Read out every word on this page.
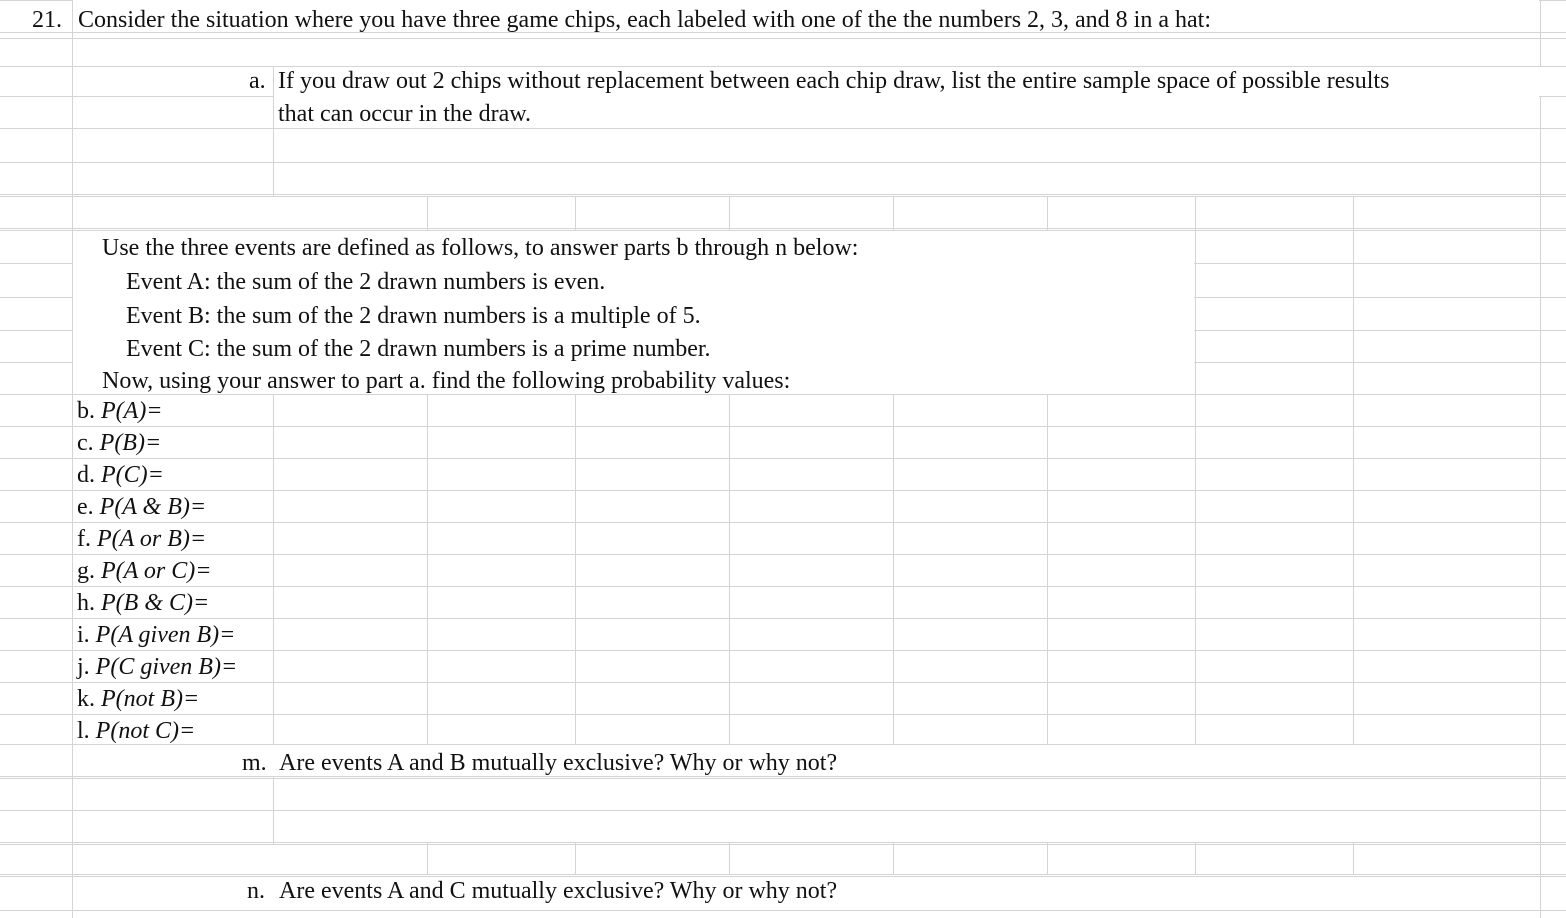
21. Consider the situation where you have three game chips, each labeled with one of the the numbers 2, 3, and 8 in a hat:
a. If you draw out 2 chips without replacement between each chip draw, list the entire sample space of possible results
that can occur in the draw.
Use the three events are defined as follows, to answer parts b through n below:
Event A: the sum of the 2 drawn numbers is even.
Event B: the sum of the 2 drawn numbers is a multiple of 5.
Event C: the sum of the 2 drawn numbers is a prime number.
Now, using your answer to part a. find the following probability values:
b. P(A)=
c. P(B)=
d. P(C)=
e. P(A & B)=
f. P(A or B)=
g. P(A or C)=
h. P(B & C)=
i. P(A given B)=
j. P(C given B)=
k. P(not B)=
l. P(not C)=
m. Are events A and B mutually exclusive? Why or why not?
n. Are events A and C mutually exclusive? Why or why not?
